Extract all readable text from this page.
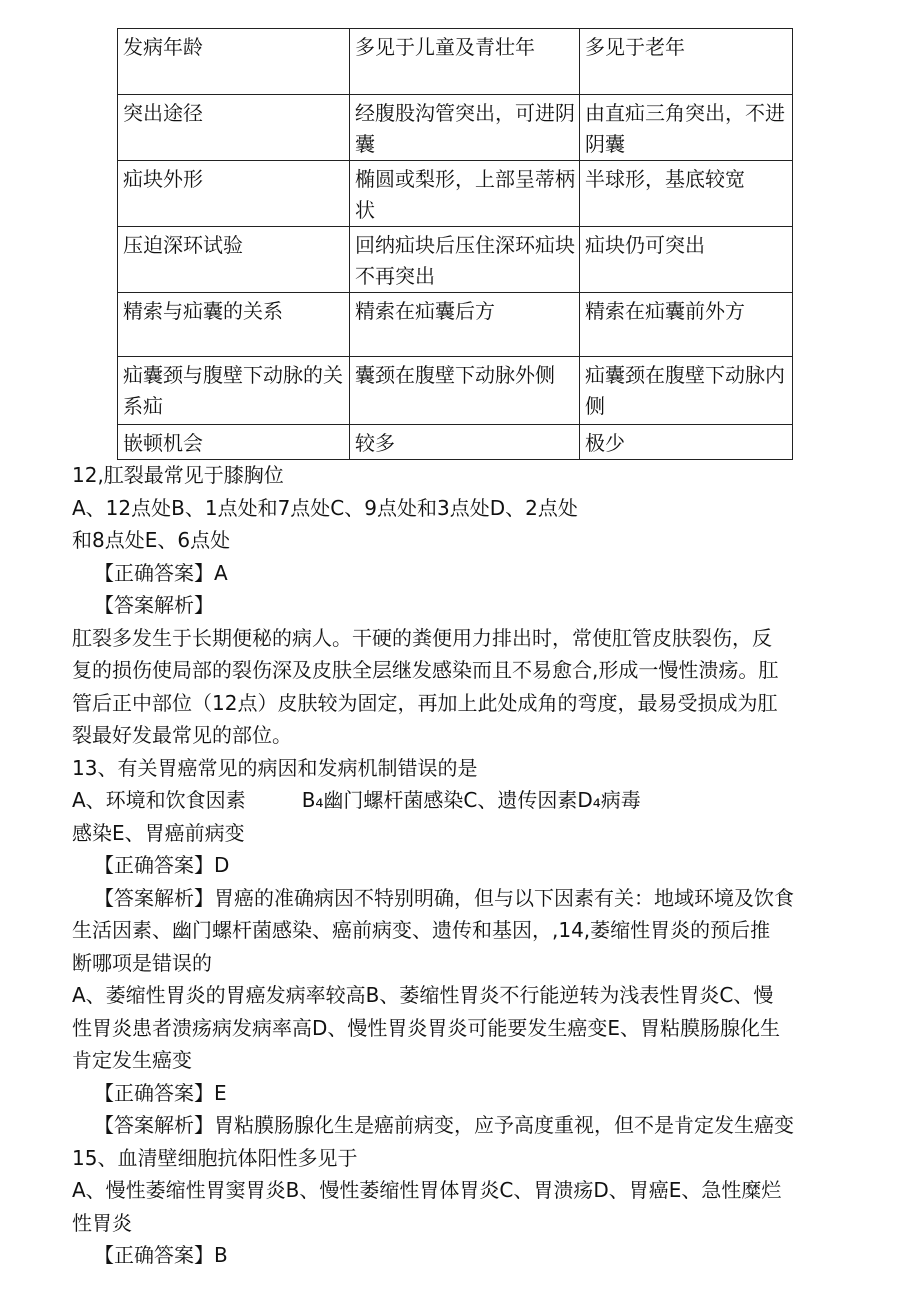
发病年龄	多见于儿童及青壮年	多见于老年
突出途径	经腹股沟管突出，可进阴囊	由直疝三角突出，不进阴囊
疝块外形	椭圆或梨形，上部呈蒂柄状	半球形，基底较宽
压迫深环试验	回纳疝块后压住深环疝块不再突出	疝块仍可突出
精索与疝囊的关系	精索在疝囊后方	精索在疝囊前外方
疝囊颈与腹壁下动脉的关系疝	囊颈在腹壁下动脉外侧	疝囊颈在腹壁下动脉内侧
嵌顿机会	较多	极少

12,肛裂最常见于膝胸位

A、12点处B、1点处和7点处C、9点处和3点处D、2点处

和8点处E、6点处

【正确答案】A

【答案解析】

肛裂多发生于长期便秘的病人。干硬的粪便用力排出时，常使肛管皮肤裂伤，反

复的损伤使局部的裂伤深及皮肤全层继发感染而且不易愈合,形成一慢性溃疡。肛

管后正中部位（12点）皮肤较为固定，再加上此处成角的弯度，最易受损成为肛

裂最好发最常见的部位。

13、有关胃癌常见的病因和发病机制错误的是

A、环境和饮食因素	B₄幽门螺杆菌感染C、遗传因素D₄病毒

感染E、胃癌前病变

【正确答案】D

【答案解析】胃癌的准确病因不特别明确，但与以下因素有关：地域环境及饮食

生活因素、幽门螺杆菌感染、癌前病变、遗传和基因，,14,萎缩性胃炎的预后推

断哪项是错误的

A、萎缩性胃炎的胃癌发病率较高B、萎缩性胃炎不行能逆转为浅表性胃炎C、慢

性胃炎患者溃疡病发病率高D、慢性胃炎胃炎可能要发生癌变E、胃粘膜肠腺化生

肯定发生癌变

【正确答案】E

【答案解析】胃粘膜肠腺化生是癌前病变，应予高度重视，但不是肯定发生癌变

15、血清壁细胞抗体阳性多见于

A、慢性萎缩性胃窦胃炎B、慢性萎缩性胃体胃炎C、胃溃疡D、胃癌E、急性糜烂

性胃炎

【正确答案】B
